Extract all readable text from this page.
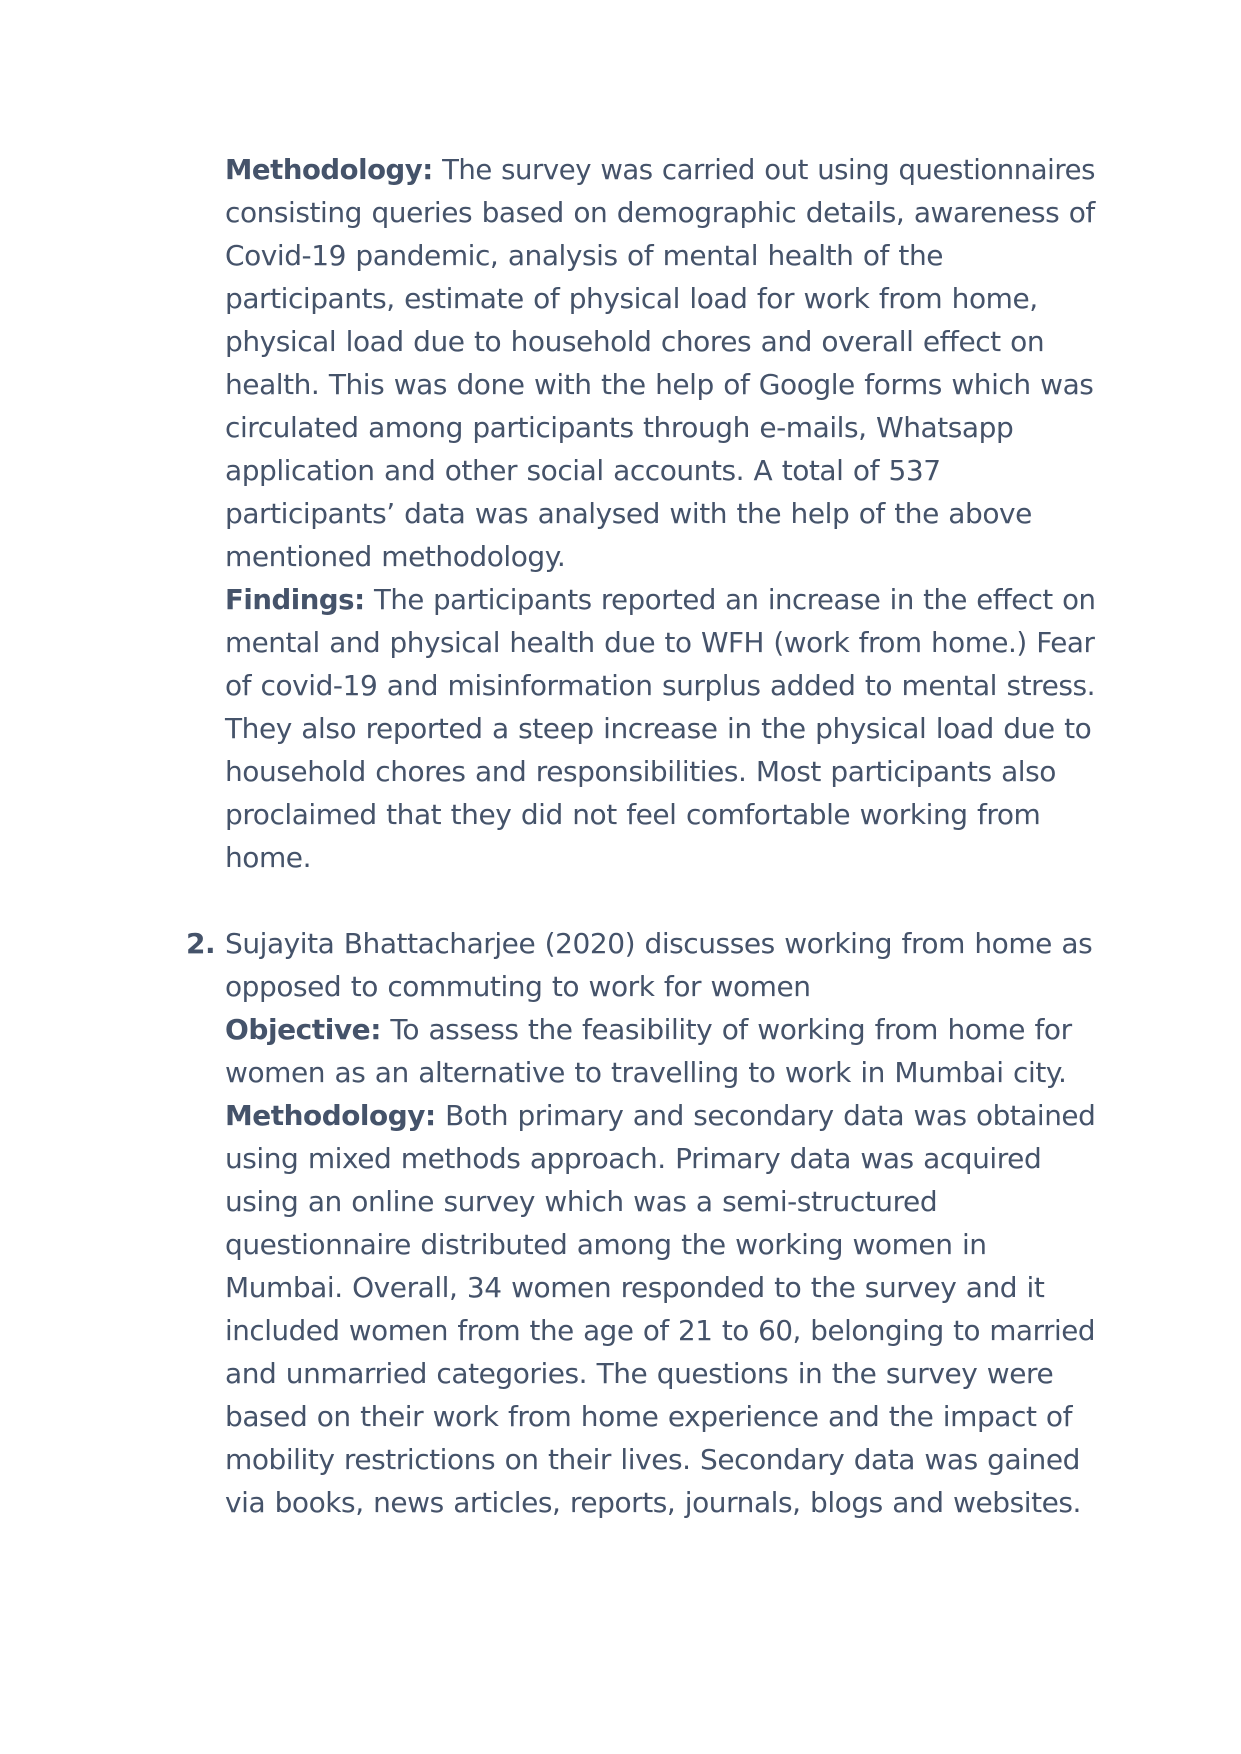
Methodology: The survey was carried out using questionnaires
consisting queries based on demographic details, awareness of
Covid-19 pandemic, analysis of mental health of the
participants, estimate of physical load for work from home,
physical load due to household chores and overall effect on
health. This was done with the help of Google forms which was
circulated among participants through e-mails, Whatsapp
application and other social accounts. A total of 537
participants’ data was analysed with the help of the above
mentioned methodology.

Findings: The participants reported an increase in the effect on
mental and physical health due to WFH (work from home.) Fear
of covid-19 and misinformation surplus added to mental stress.
They also reported a steep increase in the physical load due to
household chores and responsibilities. Most participants also
proclaimed that they did not feel comfortable working from
home.

2. Sujayita Bhattacharjee (2020) discusses working from home as
opposed to commuting to work for women

Objective: To assess the feasibility of working from home for
women as an alternative to travelling to work in Mumbai city.

Methodology: Both primary and secondary data was obtained
using mixed methods approach. Primary data was acquired
using an online survey which was a semi-structured
questionnaire distributed among the working women in
Mumbai. Overall, 34 women responded to the survey and it
included women from the age of 21 to 60, belonging to married
and unmarried categories. The questions in the survey were
based on their work from home experience and the impact of
mobility restrictions on their lives. Secondary data was gained
via books, news articles, reports, journals, blogs and websites.
